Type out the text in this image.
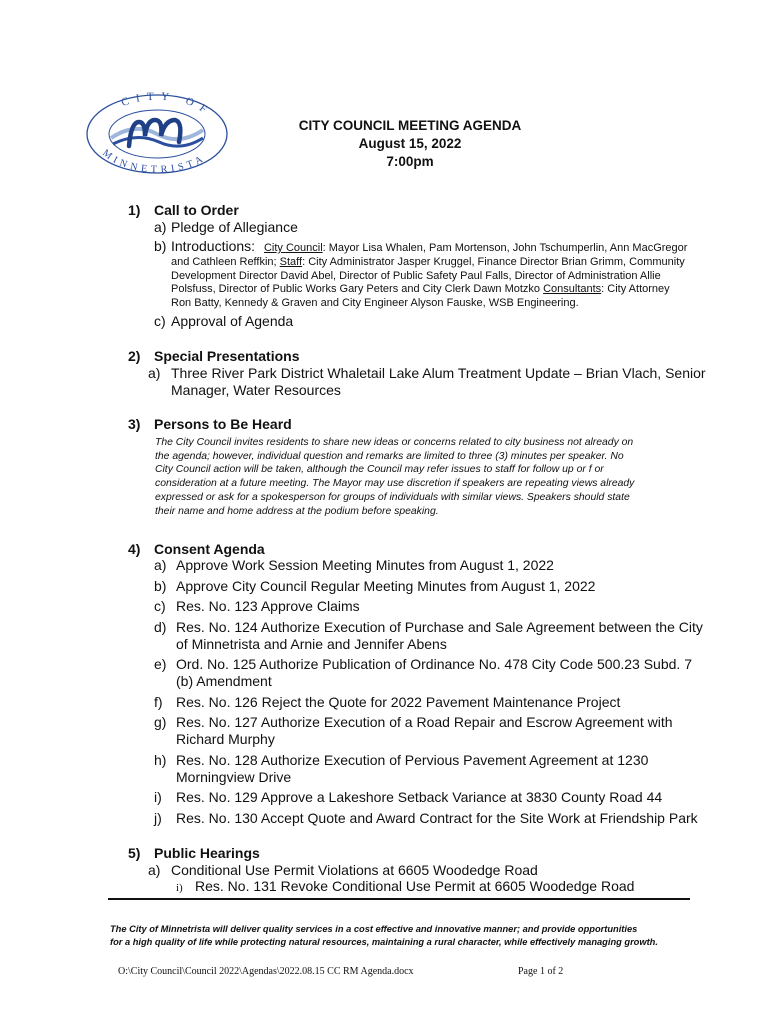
CITY OF
MINNETRISTA
CITY COUNCIL MEETING AGENDA
August 15, 2022
7:00pm
1) Call to Order
a) Pledge of Allegiance
b) Introductions: City Council: Mayor Lisa Whalen, Pam Mortenson, John Tschumperlin, Ann MacGregor
and Cathleen Reffkin; Staff: City Administrator Jasper Kruggel, Finance Director Brian Grimm, Community
Development Director David Abel, Director of Public Safety Paul Falls, Director of Administration Allie
Polsfuss, Director of Public Works Gary Peters and City Clerk Dawn Motzko Consultants: City Attorney
Ron Batty, Kennedy & Graven and City Engineer Alyson Fauske, WSB Engineering.
c) Approval of Agenda
2) Special Presentations
a) Three River Park District Whaletail Lake Alum Treatment Update – Brian Vlach, Senior
Manager, Water Resources
3) Persons to Be Heard
The City Council invites residents to share new ideas or concerns related to city business not already on
the agenda; however, individual question and remarks are limited to three (3) minutes per speaker. No
City Council action will be taken, although the Council may refer issues to staff for follow up or f or
consideration at a future meeting. The Mayor may use discretion if speakers are repeating views already
expressed or ask for a spokesperson for groups of individuals with similar views. Speakers should state
their name and home address at the podium before speaking.
4) Consent Agenda
a) Approve Work Session Meeting Minutes from August 1, 2022
b) Approve City Council Regular Meeting Minutes from August 1, 2022
c) Res. No. 123 Approve Claims
d) Res. No. 124 Authorize Execution of Purchase and Sale Agreement between the City
of Minnetrista and Arnie and Jennifer Abens
e) Ord. No. 125 Authorize Publication of Ordinance No. 478 City Code 500.23 Subd. 7
(b) Amendment
f) Res. No. 126 Reject the Quote for 2022 Pavement Maintenance Project
g) Res. No. 127 Authorize Execution of a Road Repair and Escrow Agreement with
Richard Murphy
h) Res. No. 128 Authorize Execution of Pervious Pavement Agreement at 1230
Morningview Drive
i) Res. No. 129 Approve a Lakeshore Setback Variance at 3830 County Road 44
j) Res. No. 130 Accept Quote and Award Contract for the Site Work at Friendship Park
5) Public Hearings
a) Conditional Use Permit Violations at 6605 Woodedge Road
i) Res. No. 131 Revoke Conditional Use Permit at 6605 Woodedge Road
The City of Minnetrista will deliver quality services in a cost effective and innovative manner; and provide opportunities
for a high quality of life while protecting natural resources, maintaining a rural character, while effectively managing growth.
O:\City Council\Council 2022\Agendas\2022.08.15 CC RM Agenda.docx	Page 1 of 2
